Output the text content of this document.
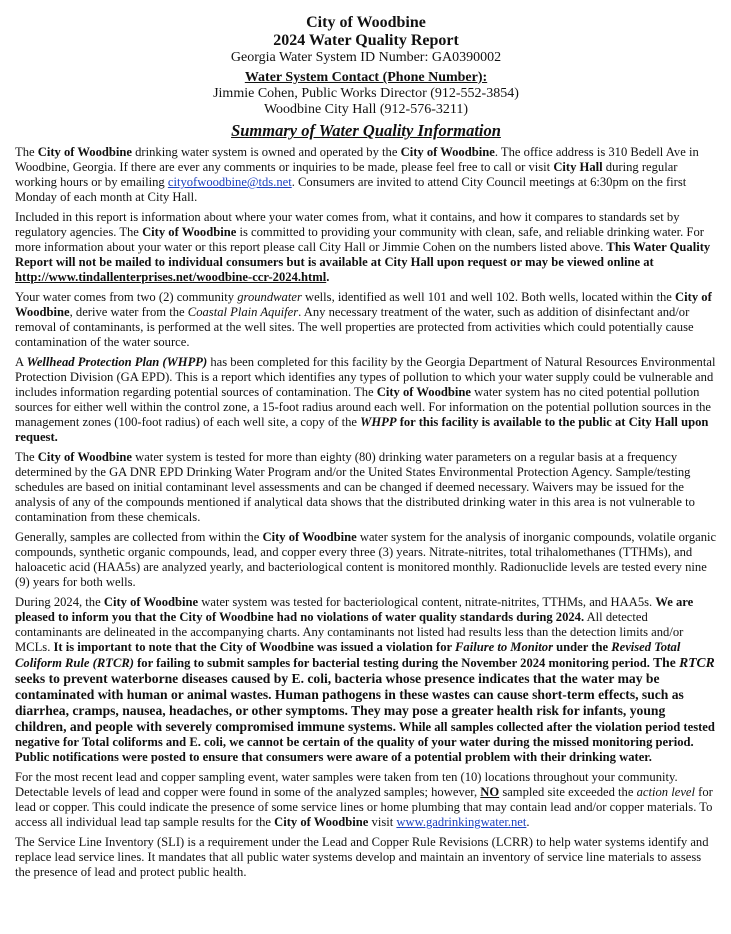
City of Woodbine
2024 Water Quality Report
Georgia Water System ID Number: GA0390002
Water System Contact (Phone Number):
Jimmie Cohen, Public Works Director (912-552-3854)
Woodbine City Hall (912-576-3211)
Summary of Water Quality Information

The City of Woodbine drinking water system is owned and operated by the City of Woodbine. The office address is 310 Bedell Ave in Woodbine, Georgia. If there are ever any comments or inquiries to be made, please feel free to call or visit City Hall during regular working hours or by emailing cityofwoodbine@tds.net. Consumers are invited to attend City Council meetings at 6:30pm on the first Monday of each month at City Hall.

Included in this report is information about where your water comes from, what it contains, and how it compares to standards set by regulatory agencies. The City of Woodbine is committed to providing your community with clean, safe, and reliable drinking water. For more information about your water or this report please call City Hall or Jimmie Cohen on the numbers listed above. This Water Quality Report will not be mailed to individual consumers but is available at City Hall upon request or may be viewed online at http://www.tindallenterprises.net/woodbine-ccr-2024.html.

Your water comes from two (2) community groundwater wells, identified as well 101 and well 102. Both wells, located within the City of Woodbine, derive water from the Coastal Plain Aquifer. Any necessary treatment of the water, such as addition of disinfectant and/or removal of contaminants, is performed at the well sites. The well properties are protected from activities which could potentially cause contamination of the water source.

A Wellhead Protection Plan (WHPP) has been completed for this facility by the Georgia Department of Natural Resources Environmental Protection Division (GA EPD). This is a report which identifies any types of pollution to which your water supply could be vulnerable and includes information regarding potential sources of contamination. The City of Woodbine water system has no cited potential pollution sources for either well within the control zone, a 15-foot radius around each well. For information on the potential pollution sources in the management zones (100-foot radius) of each well site, a copy of the WHPP for this facility is available to the public at City Hall upon request.

The City of Woodbine water system is tested for more than eighty (80) drinking water parameters on a regular basis at a frequency determined by the GA DNR EPD Drinking Water Program and/or the United States Environmental Protection Agency. Sample/testing schedules are based on initial contaminant level assessments and can be changed if deemed necessary. Waivers may be issued for the analysis of any of the compounds mentioned if analytical data shows that the distributed drinking water in this area is not vulnerable to contamination from these chemicals.

Generally, samples are collected from within the City of Woodbine water system for the analysis of inorganic compounds, volatile organic compounds, synthetic organic compounds, lead, and copper every three (3) years. Nitrate-nitrites, total trihalomethanes (TTHMs), and haloacetic acid (HAA5s) are analyzed yearly, and bacteriological content is monitored monthly. Radionuclide levels are tested every nine (9) years for both wells.

During 2024, the City of Woodbine water system was tested for bacteriological content, nitrate-nitrites, TTHMs, and HAA5s. We are pleased to inform you that the City of Woodbine had no violations of water quality standards during 2024. All detected contaminants are delineated in the accompanying charts. Any contaminants not listed had results less than the detection limits and/or MCLs. It is important to note that the City of Woodbine was issued a violation for Failure to Monitor under the Revised Total Coliform Rule (RTCR) for failing to submit samples for bacterial testing during the November 2024 monitoring period. The RTCR seeks to prevent waterborne diseases caused by E. coli, bacteria whose presence indicates that the water may be contaminated with human or animal wastes. Human pathogens in these wastes can cause short-term effects, such as diarrhea, cramps, nausea, headaches, or other symptoms. They may pose a greater health risk for infants, young children, and people with severely compromised immune systems. While all samples collected after the violation period tested negative for Total coliforms and E. coli, we cannot be certain of the quality of your water during the missed monitoring period. Public notifications were posted to ensure that consumers were aware of a potential problem with their drinking water.

For the most recent lead and copper sampling event, water samples were taken from ten (10) locations throughout your community. Detectable levels of lead and copper were found in some of the analyzed samples; however, NO sampled site exceeded the action level for lead or copper. This could indicate the presence of some service lines or home plumbing that may contain lead and/or copper materials. To access all individual lead tap sample results for the City of Woodbine visit www.gadrinkingwater.net.

The Service Line Inventory (SLI) is a requirement under the Lead and Copper Rule Revisions (LCRR) to help water systems identify and replace lead service lines. It mandates that all public water systems develop and maintain an inventory of service line materials to assess the presence of lead and protect public health.
